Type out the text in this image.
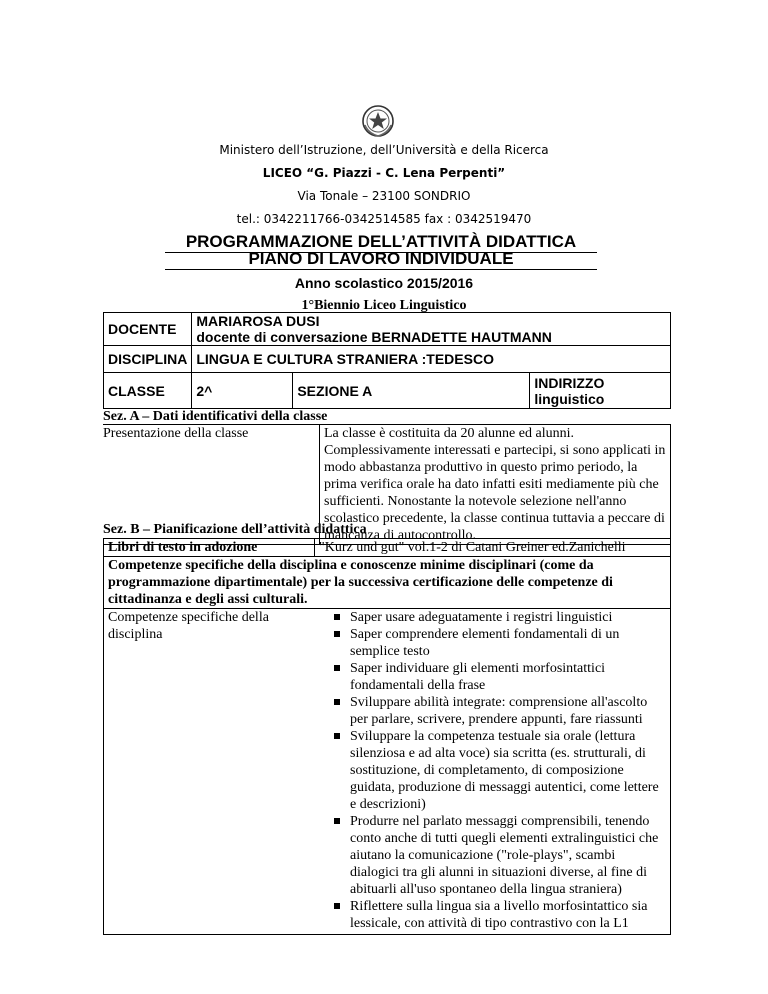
Ministero dell’Istruzione, dell’Università e della Ricerca
LICEO “G. Piazzi - C. Lena Perpenti”
Via Tonale – 23100 SONDRIO
tel.: 0342211766-0342514585 fax : 0342519470
PROGRAMMAZIONE DELL’ATTIVITÀ DIDATTICA
PIANO DI LAVORO INDIVIDUALE
Anno scolastico 2015/2016
1°Biennio Liceo Linguistico
DOCENTE	MARIAROSA DUSI
docente di conversazione BERNADETTE HAUTMANN		

DISCIPLINA	LINGUA E CULTURA STRANIERA :TEDESCO		
CLASSE	2^	SEZIONE A	INDIRIZZO linguistico
Sez. A – Dati identificativi della classe
Presentazione della classe	La classe è costituita da 20 alunne ed alunni. Complessivamente interessati e partecipi, si sono applicati in modo abbastanza produttivo in questo primo periodo, la prima verifica orale ha dato infatti esiti mediamente più che sufficienti. Nonostante la notevole selezione nell'anno scolastico precedente, la classe continua tuttavia a peccare di mancanza di autocontrollo.
Sez. B – Pianificazione dell’attività didattica
Libri di testo in adozione	"Kurz und gut" vol.1-2 di Catani Greiner ed.Zanichelli
Competenze specifiche della disciplina e conoscenze minime disciplinari (come da programmazione dipartimentale) per la successiva certificazione delle competenze di cittadinanza e degli assi culturali.
Competenze specifiche della disciplina	
Saper usare adeguatamente i registri linguistici
Saper comprendere elementi fondamentali di un semplice testo
Saper individuare gli elementi morfosintattici fondamentali della frase
Sviluppare abilità integrate: comprensione all'ascolto per parlare, scrivere, prendere appunti, fare riassunti
Sviluppare la competenza testuale sia orale (lettura silenziosa e ad alta voce) sia scritta (es. strutturali, di sostituzione, di completamento, di composizione guidata, produzione di messaggi autentici, come lettere e descrizioni)
Produrre nel parlato messaggi comprensibili, tenendo conto anche di tutti quegli elementi extralinguistici che aiutano la comunicazione ("role-plays", scambi dialogici tra gli alunni in situazioni diverse, al fine di abituarli all'uso spontaneo della lingua straniera)
Riflettere sulla lingua sia a livello morfosintattico sia lessicale, con attività di tipo contrastivo con la L1
